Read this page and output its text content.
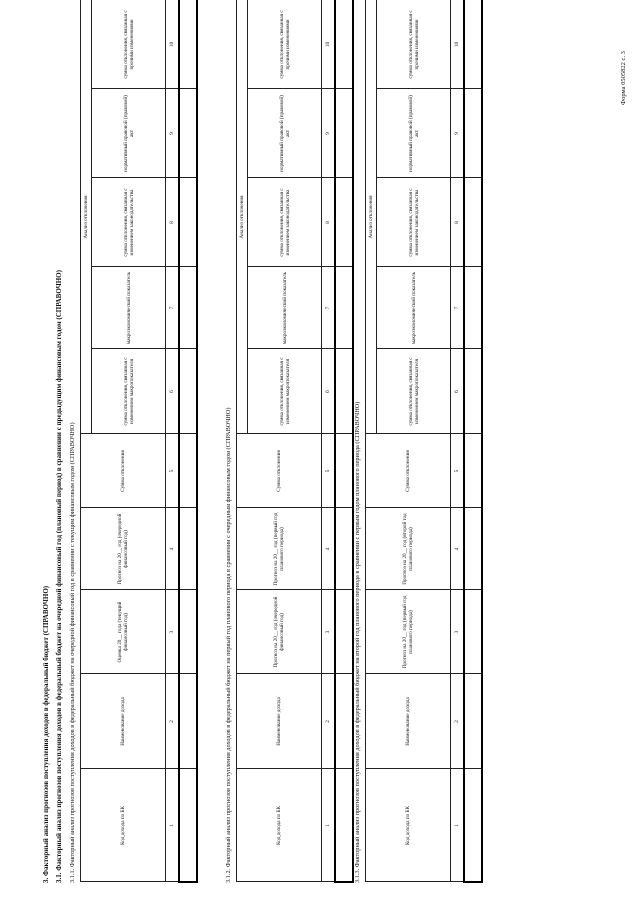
Форма 0505822 с. 3
3. Факторный анализ прогнозов поступления доходов в федеральный бюджет (СПРАВОЧНО) 3.1. Факторный анализ прогнозов поступления доходов в федеральный бюджет на очередной финансовый год (плановый период) в сравнении с предыдущим финансовым годом (СПРАВОЧНО) 3.1.1. Факторный анализ прогнозов поступления доходов в федеральный бюджет на очередной финансовый год в сравнении с текущим финансовым годом (СПРАВОЧНО)	Код дохода по БК	Наименование дохода	Оценка 20__ года (текущий финансовый год)	Прогноз на 20__ год (очередной финансовый год)	Сумма отклонения	Анализ отклонения	
					сумма отклонения, связанная с изменением макропоказателя	макроэкономический показатель	сумма отклонения, связанная с изменением законодательства	нормативный правовой (правовой) акт	сумма отклонения, связанная с прочими изменениями	
1	2	3	4	5	6	7	8	9	10	

3.1.2. Факторный анализ прогнозов поступления доходов в федеральный бюджет на первый год планового периода в сравнении с очередным финансовым годом (СПРАВОЧНО)	Код дохода по БК	Наименование дохода	Прогноз на 20__ год (очередной финансовый год)	Прогноз на 20__ год (первый год планового периода)	Сумма отклонения	Анализ отклонения	
					сумма отклонения, связанная с изменением макропоказателя	макроэкономический показатель	сумма отклонения, связанная с изменением законодательства	нормативный правовой (правовой) акт	сумма отклонения, связанная с прочими изменениями	
1	2	3	4	5	6	7	8	9	10	

3.1.3. Факторный анализ прогнозов поступления доходов в федеральный бюджет на второй год планового периода в сравнении с первым годом планового периода (СПРАВОЧНО)	Код дохода по БК	Наименование дохода	Прогноз на 20__ год (первый год планового периода)	Прогноз на 20__ год (второй год планового периода)	Сумма отклонения	Анализ отклонения	
					сумма отклонения, связанная с изменением макропоказателя	макроэкономический показатель	сумма отклонения, связанная с изменением законодательства	нормативный правовой (правовой) акт	сумма отклонения, связанная с прочими изменениями	
1	2	3	4	5	6	7	8	9	10	
